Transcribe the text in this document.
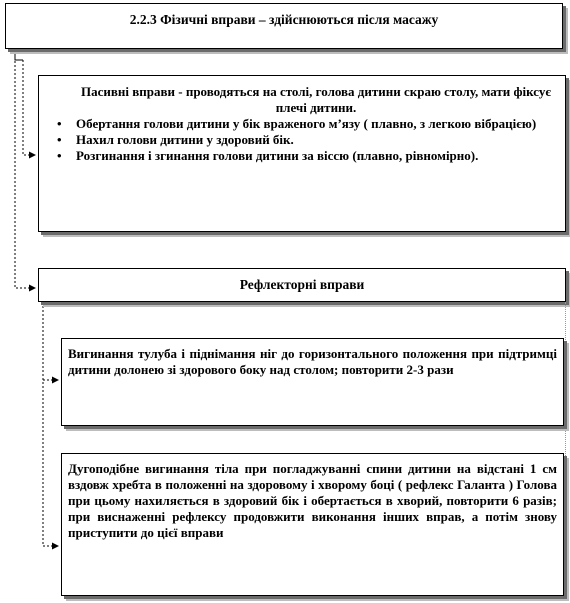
2.2.3 Фізичні вправи – здійснюються після масажу
Пасивні вправи - проводяться на столі, голова дитини скраю столу, мати фіксує плечі дитини.
• Обертання голови дитини у бік враженого м’язу ( плавно, з легкою вібрацією)
• Нахил голови дитини у здоровий бік.
• Розгинання і згинання голови дитини за віссю (плавно, рівномірно).
Рефлекторні вправи
Вигинання тулуба і піднімання ніг до горизонтального положення при підтримці дитини долонею зі здорового боку над столом; повторити 2-3 рази
Дугоподібне вигинання тіла при погладжуванні спини дитини на відстані 1 см вздовж хребта в положенні на здоровому і хворому боці ( рефлекс Галанта ) Голова при цьому нахиляється в здоровий бік і обертається в хворий, повторити 6 разів; при виснаженні рефлексу продовжити виконання інших вправ, а потім знову приступити до цієї вправи
